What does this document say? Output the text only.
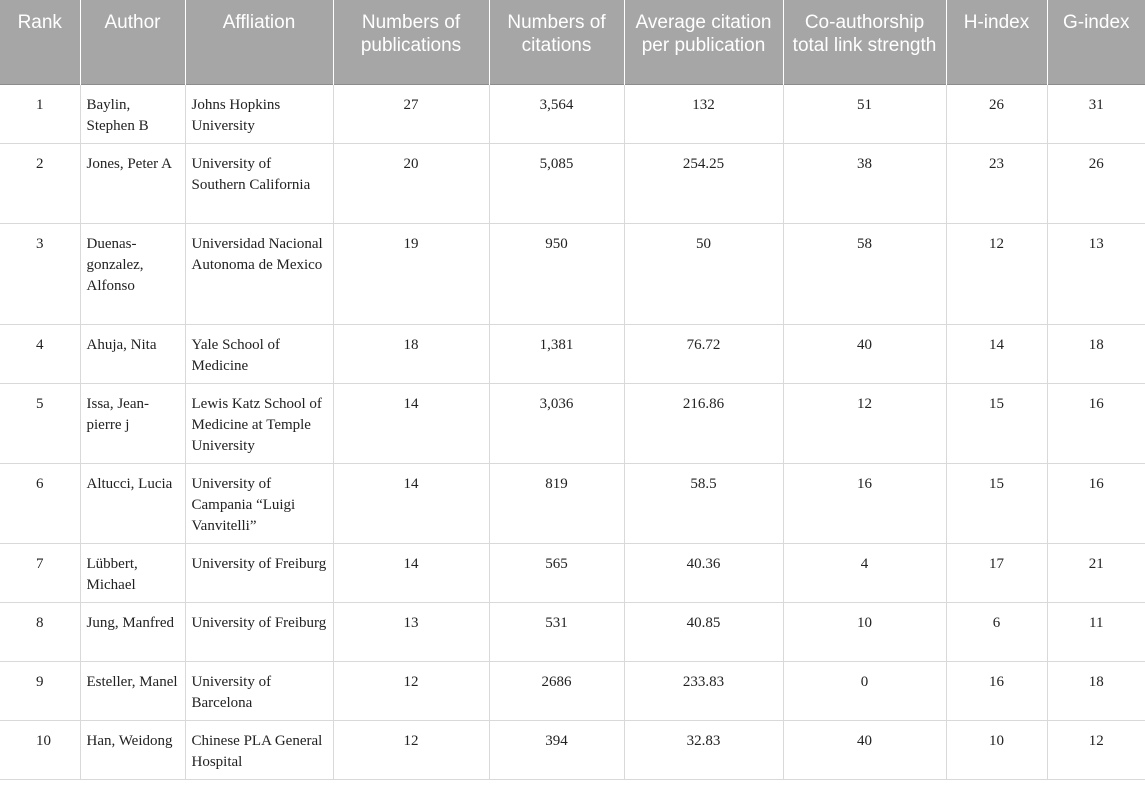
Rank	Author	Affliation	Numbers of publications	Numbers of citations	Average citation per publication	Co-authorship total link strength	H-index	G-index
1	Baylin, Stephen B	Johns Hopkins University	27	3,564	132	51	26	31
2	Jones, Peter A	University of Southern California	20	5,085	254.25	38	23	26
3	Duenas-gonzalez, Alfonso	Universidad Nacional Autonoma de Mexico	19	950	50	58	12	13
4	Ahuja, Nita	Yale School of Medicine	18	1,381	76.72	40	14	18
5	Issa, Jean-pierre j	Lewis Katz School of Medicine at Temple University	14	3,036	216.86	12	15	16
6	Altucci, Lucia	University of Campania “Luigi Vanvitelli”	14	819	58.5	16	15	16
7	Lübbert, Michael	University of Freiburg	14	565	40.36	4	17	21
8	Jung, Manfred	University of Freiburg	13	531	40.85	10	6	11
9	Esteller, Manel	University of Barcelona	12	2686	233.83	0	16	18
10	Han, Weidong	Chinese PLA General Hospital	12	394	32.83	40	10	12
